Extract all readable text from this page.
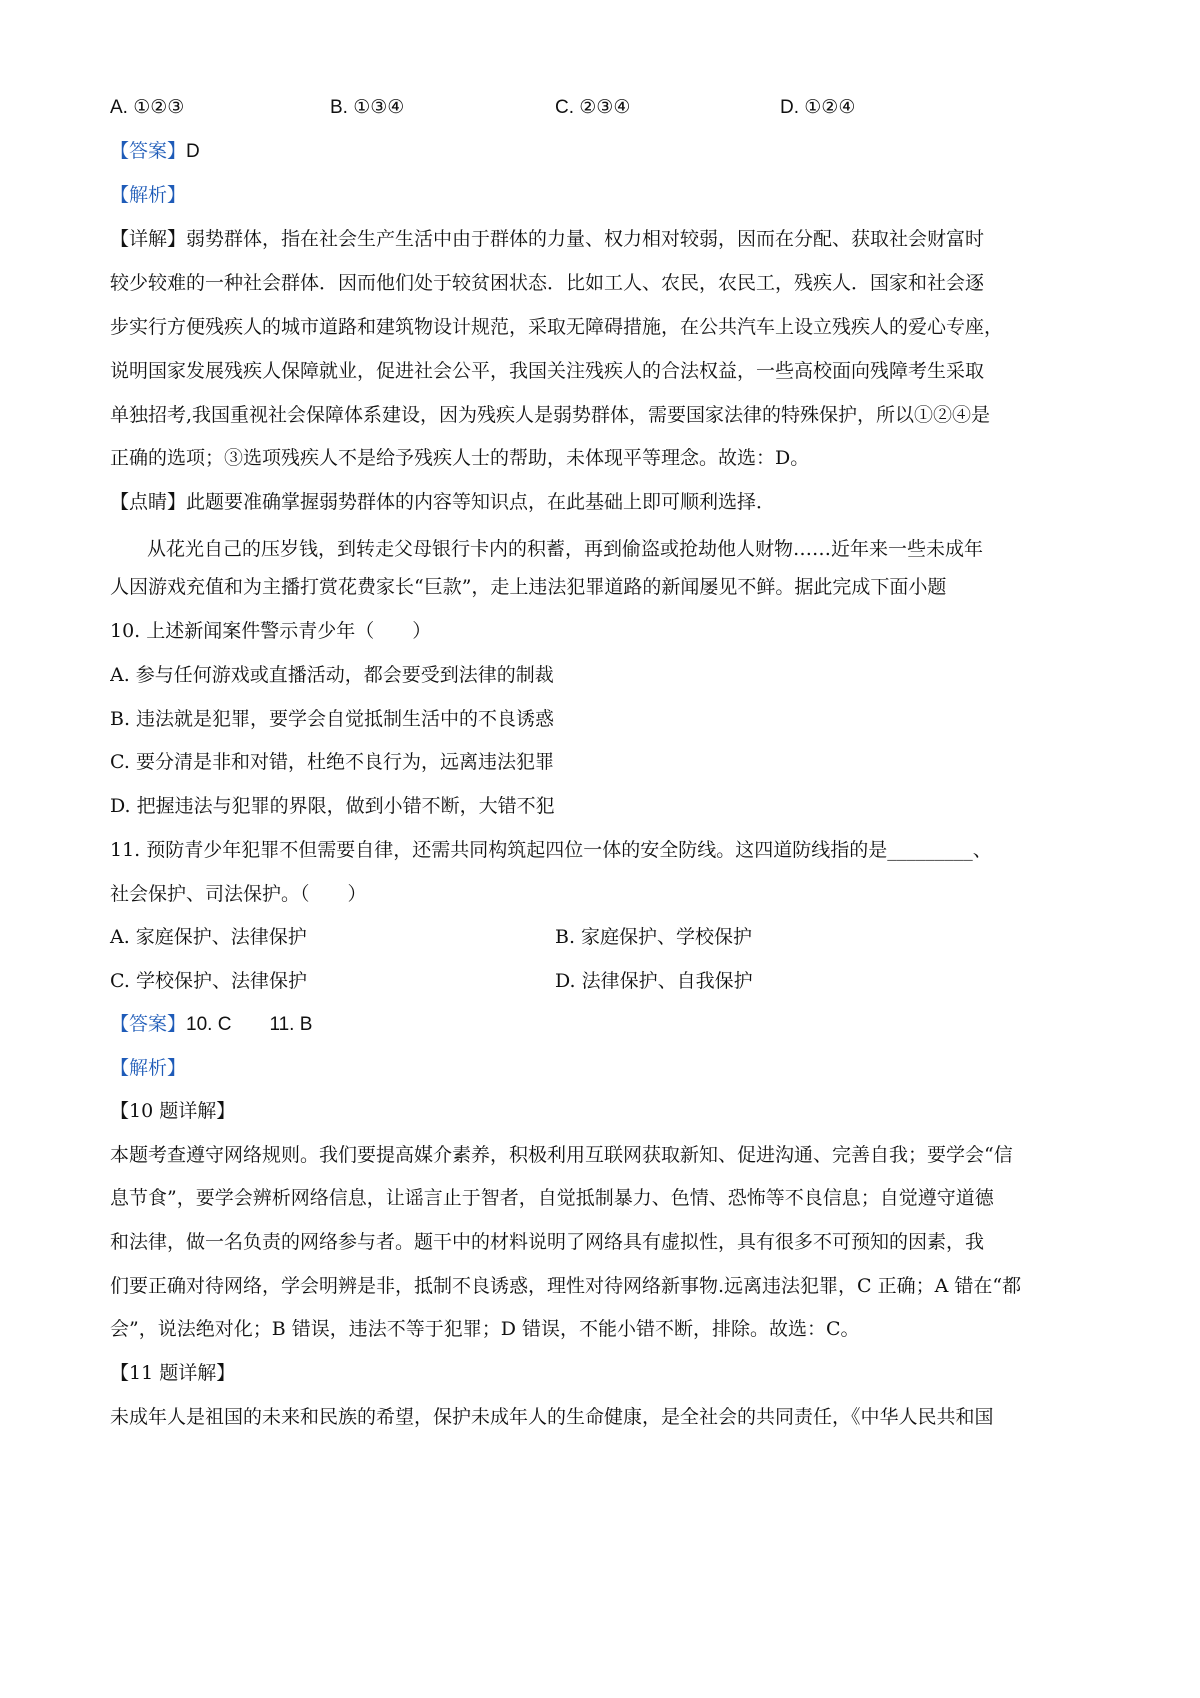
A. ①②③	B. ①③④	C. ②③④	D. ①②④
【答案】D
【解析】
【详解】弱势群体，指在社会生产生活中由于群体的力量、权力相对较弱，因而在分配、获取社会财富时
较少较难的一种社会群体．因而他们处于较贫困状态．比如工人、农民，农民工，残疾人．国家和社会逐
步实行方便残疾人的城市道路和建筑物设计规范，采取无障碍措施，在公共汽车上设立残疾人的爱心专座，
说明国家发展残疾人保障就业，促进社会公平，我国关注残疾人的合法权益，一些高校面向残障考生采取
单独招考,我国重视社会保障体系建设，因为残疾人是弱势群体，需要国家法律的特殊保护，所以①②④是
正确的选项；③选项残疾人不是给予残疾人士的帮助，未体现平等理念。故选：D。
【点睛】此题要准确掌握弱势群体的内容等知识点，在此基础上即可顺利选择．
从花光自己的压岁钱，到转走父母银行卡内的积蓄，再到偷盗或抢劫他人财物……近年来一些未成年
人因游戏充值和为主播打赏花费家长“巨款”，走上违法犯罪道路的新闻屡见不鲜。据此完成下面小题
10. 上述新闻案件警示青少年（　　）
A. 参与任何游戏或直播活动，都会要受到法律的制裁
B. 违法就是犯罪，要学会自觉抵制生活中的不良诱惑
C. 要分清是非和对错，杜绝不良行为，远离违法犯罪
D. 把握违法与犯罪的界限，做到小错不断，大错不犯
11. 预防青少年犯罪不但需要自律，还需共同构筑起四位一体的安全防线。这四道防线指的是_________、
社会保护、司法保护。（　　）
A. 家庭保护、法律保护	B. 家庭保护、学校保护
C. 学校保护、法律保护	D. 法律保护、自我保护
【答案】10. C 11. B
【解析】
【10 题详解】
本题考查遵守网络规则。我们要提高媒介素养，积极利用互联网获取新知、促进沟通、完善自我；要学会“信
息节食”，要学会辨析网络信息，让谣言止于智者，自觉抵制暴力、色情、恐怖等不良信息；自觉遵守道德
和法律，做一名负责的网络参与者。题干中的材料说明了网络具有虚拟性，具有很多不可预知的因素，我
们要正确对待网络，学会明辨是非，抵制不良诱惑，理性对待网络新事物.远离违法犯罪，C 正确；A 错在“都
会”，说法绝对化；B 错误，违法不等于犯罪；D 错误，不能小错不断，排除。故选：C。
【11 题详解】
未成年人是祖国的未来和民族的希望，保护未成年人的生命健康，是全社会的共同责任，《中华人民共和国
